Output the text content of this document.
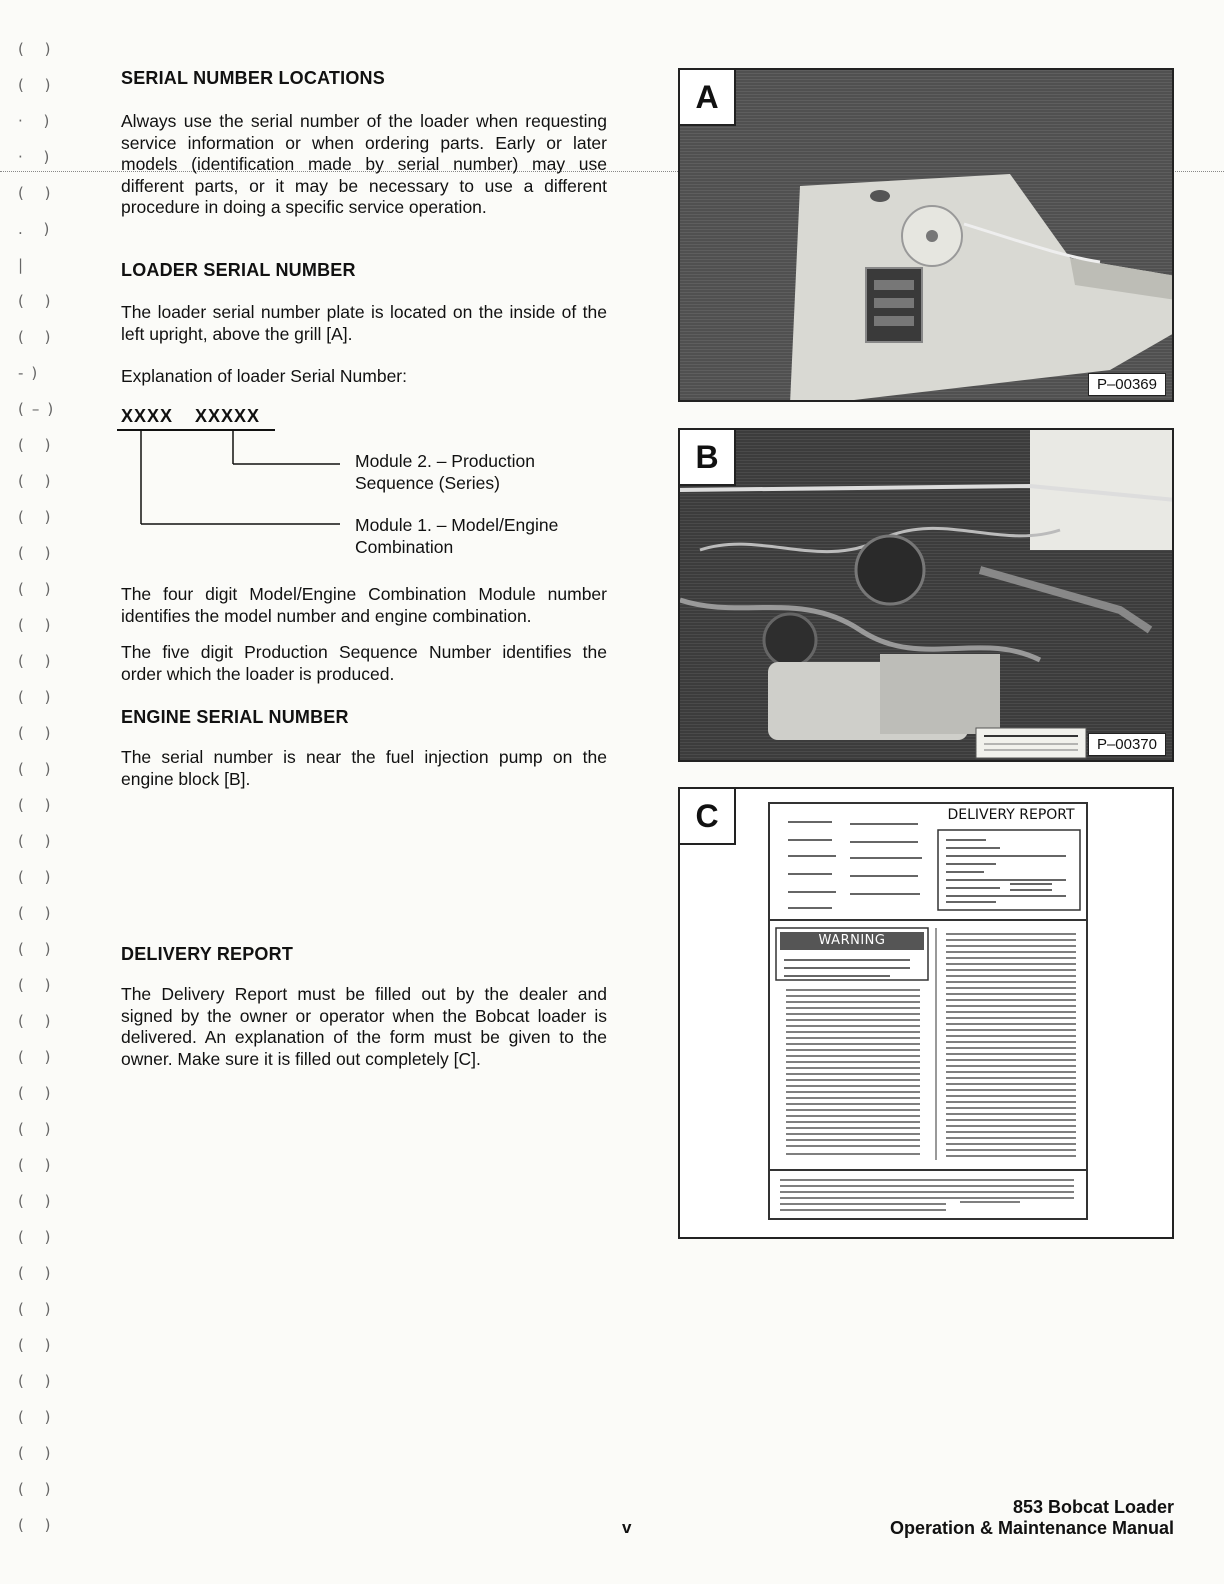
( )
( )
· )
· )
( )
. )
|
( )
( )
-)
(–)
( )
( )
( )
( )
( )
( )
( )
( )
( )
( )
( )
( )
( )
( )
( )
( )
( )
( )
( )
( )
( )
( )
( )
( )
( )
( )
( )
( )
( )
( )
( )
SERIAL NUMBER LOCATIONS

Always use the serial number of the loader when requesting service information or when ordering parts. Early or later models (identification made by serial number) may use different parts, or it may be necessary to use a different procedure in doing a specific service operation.

LOADER SERIAL NUMBER

The loader serial number plate is located on the inside of the left upright, above the grill [A].

Explanation of loader Serial Number:

XXXX XXXXX
Module 2. – Production
Sequence (Series)
Module 1. – Model/Engine
Combination

The four digit Model/Engine Combination Module number identifies the model number and engine combination.

The five digit Production Sequence Number identifies the order which the loader is produced.

ENGINE SERIAL NUMBER

The serial number is near the fuel injection pump on the engine block [B].

DELIVERY REPORT

The Delivery Report must be filled out by the dealer and signed by the owner or operator when the Bobcat loader is delivered. An explanation of the form must be given to the owner. Make sure it is filled out completely [C].

A
P–00369
B
P–00370
C	DELIVERY REPORT
WARNING
v
853 Bobcat Loader
Operation & Maintenance Manual
